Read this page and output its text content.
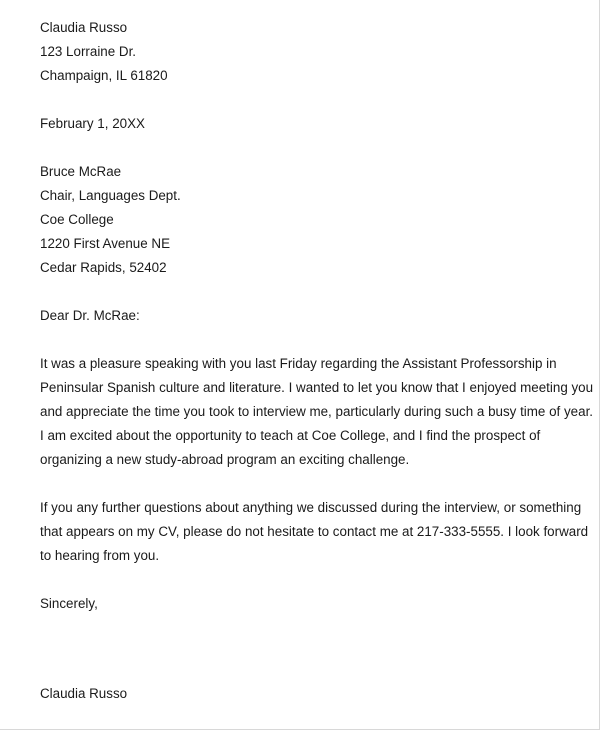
Claudia Russo
123 Lorraine Dr.
Champaign, IL 61820
February 1, 20XX
Bruce McRae
Chair, Languages Dept.
Coe College
1220 First Avenue NE
Cedar Rapids, 52402
Dear Dr. McRae:
It was a pleasure speaking with you last Friday regarding the Assistant Professorship in
Peninsular Spanish culture and literature. I wanted to let you know that I enjoyed meeting you
and appreciate the time you took to interview me, particularly during such a busy time of year.
I am excited about the opportunity to teach at Coe College, and I find the prospect of
organizing a new study-abroad program an exciting challenge.
If you any further questions about anything we discussed during the interview, or something
that appears on my CV, please do not hesitate to contact me at 217-333-5555. I look forward
to hearing from you.
Sincerely,
Claudia Russo
